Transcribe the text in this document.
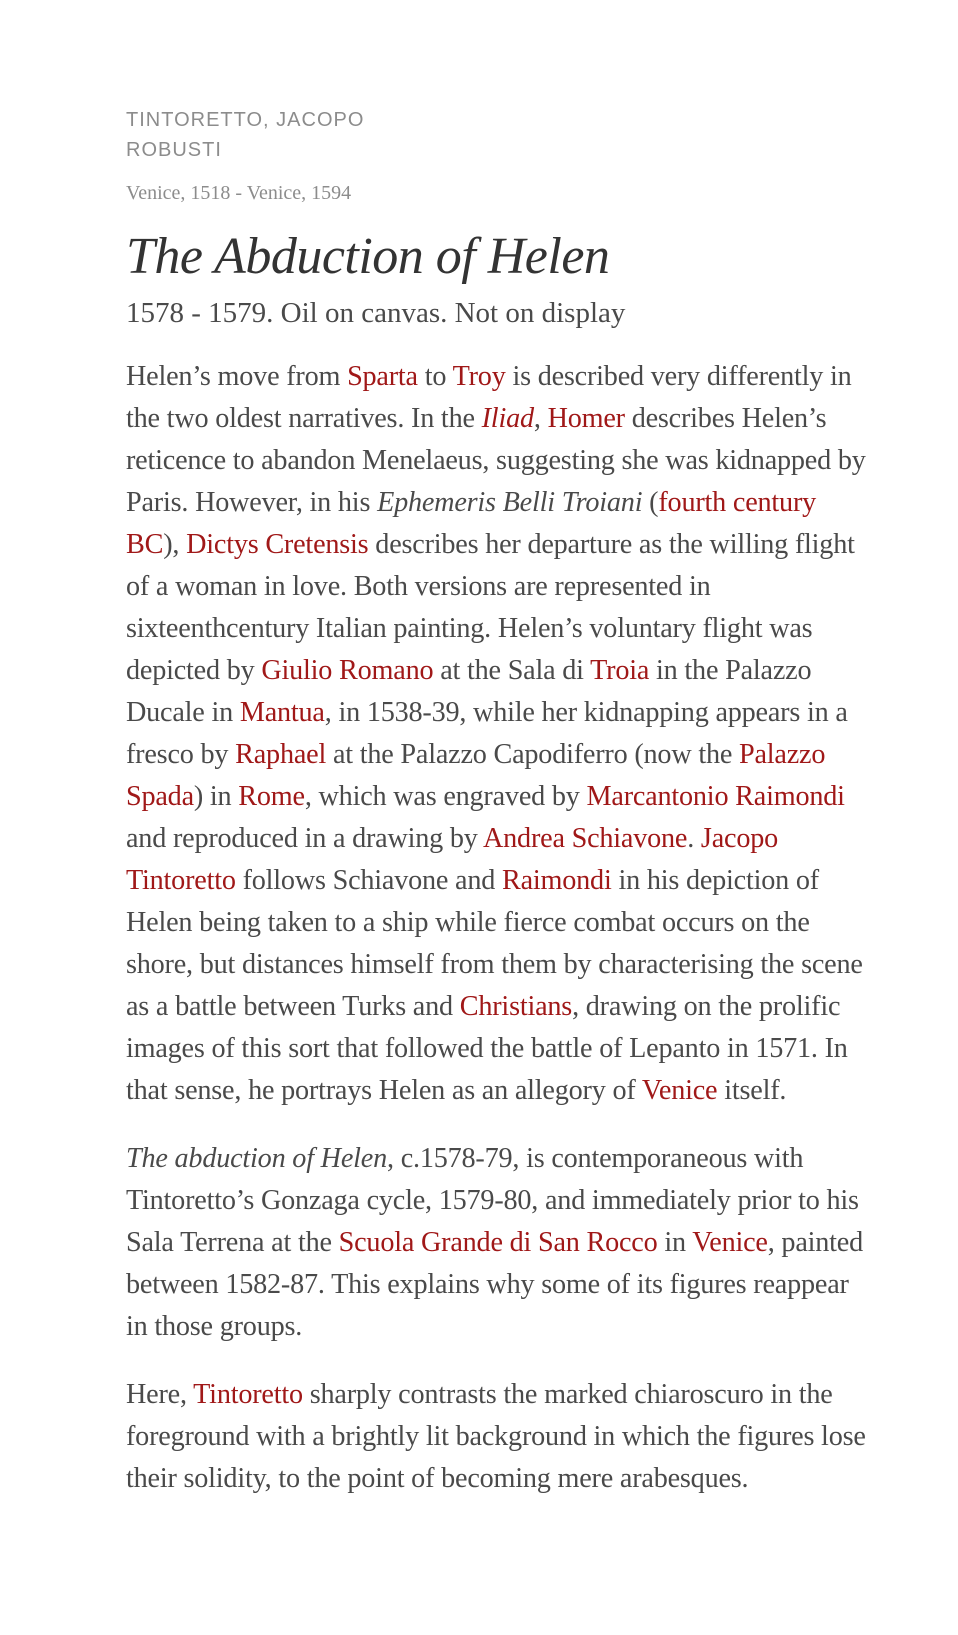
TINTORETTO, JACOPO ROBUSTI
Venice, 1518 - Venice, 1594
The Abduction of Helen
1578 - 1579. Oil on canvas. Not on display

Helen’s move from Sparta to Troy is described very differently in the two oldest narratives. In the Iliad, Homer describes Helen’s reticence to abandon Menelaeus, suggesting she was kidnapped by Paris. However, in his Ephemeris Belli Troiani (fourth century BC), Dictys Cretensis describes her departure as the willing flight of a woman in love. Both versions are represented in sixteenthcentury Italian painting. Helen’s voluntary flight was depicted by Giulio Romano at the Sala di Troia in the Palazzo Ducale in Mantua, in 1538-39, while her kidnapping appears in a fresco by Raphael at the Palazzo Capodiferro (now the Palazzo Spada) in Rome, which was engraved by Marcantonio Raimondi and reproduced in a drawing by Andrea Schiavone. Jacopo Tintoretto follows Schiavone and Raimondi in his depiction of Helen being taken to a ship while fierce combat occurs on the shore, but distances himself from them by characterising the scene as a battle between Turks and Christians, drawing on the prolific images of this sort that followed the battle of Lepanto in 1571. In that sense, he portrays Helen as an allegory of Venice itself.

The abduction of Helen, c.1578-79, is contemporaneous with Tintoretto’s Gonzaga cycle, 1579-80, and immediately prior to his Sala Terrena at the Scuola Grande di San Rocco in Venice, painted between 1582-87. This explains why some of its figures reappear in those groups.

Here, Tintoretto sharply contrasts the marked chiaroscuro in the foreground with a brightly lit background in which the figures lose their solidity, to the point of becoming mere arabesques.
